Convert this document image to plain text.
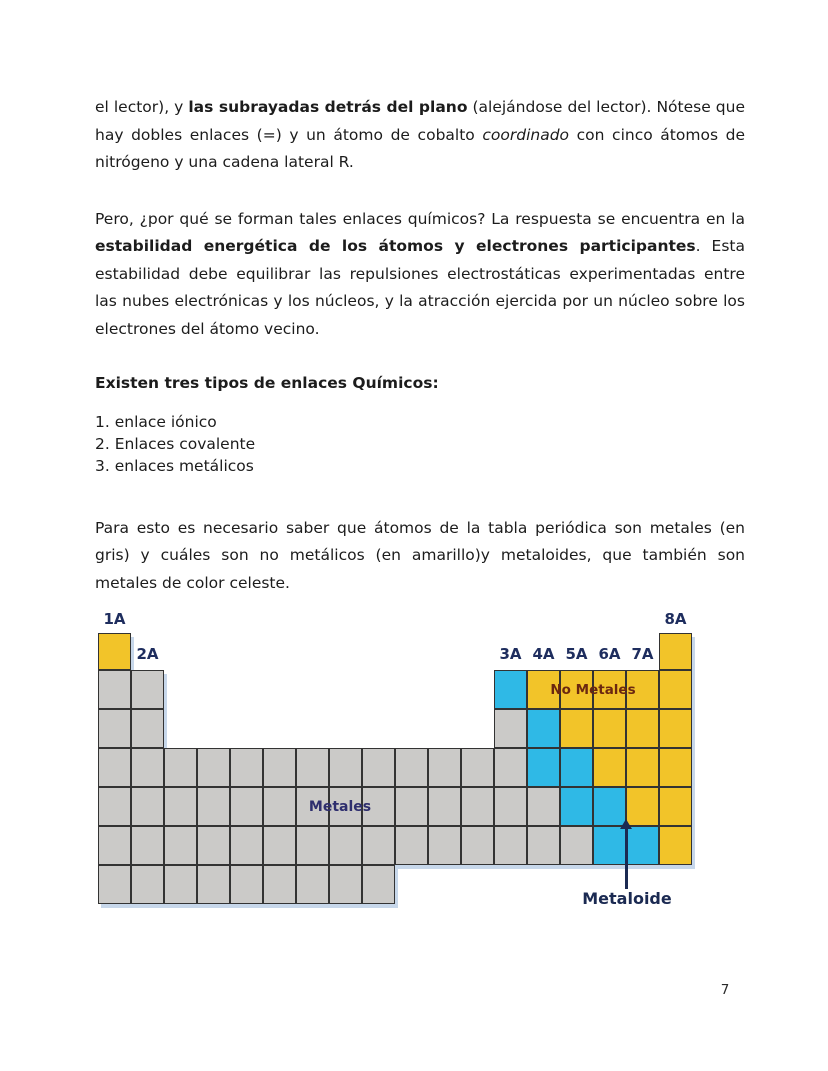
el lector), y las subrayadas detrás del plano (alejándose del lector). Nótese que hay dobles enlaces (=) y un átomo de cobalto coordinado con cinco átomos de nitrógeno y una cadena lateral R.

Pero, ¿por qué se forman tales enlaces químicos? La respuesta se encuentra en la estabilidad energética de los átomos y electrones participantes. Esta estabilidad debe equilibrar las repulsiones electrostáticas experimentadas entre las nubes electrónicas y los núcleos, y la atracción ejercida por un núcleo sobre los electrones del átomo vecino.

Existen tres tipos de enlaces Químicos:

1. enlace iónico
2. Enlaces covalente
3. enlaces metálicos

Para esto es necesario saber que átomos de la tabla periódica son metales (en gris) y cuáles son no metálicos (en amarillo)y metaloides, que también son metales de color celeste.

1A
2A	3A 4A 5A 6A 7A
8A
No Metales
Metales
Metaloide
7
